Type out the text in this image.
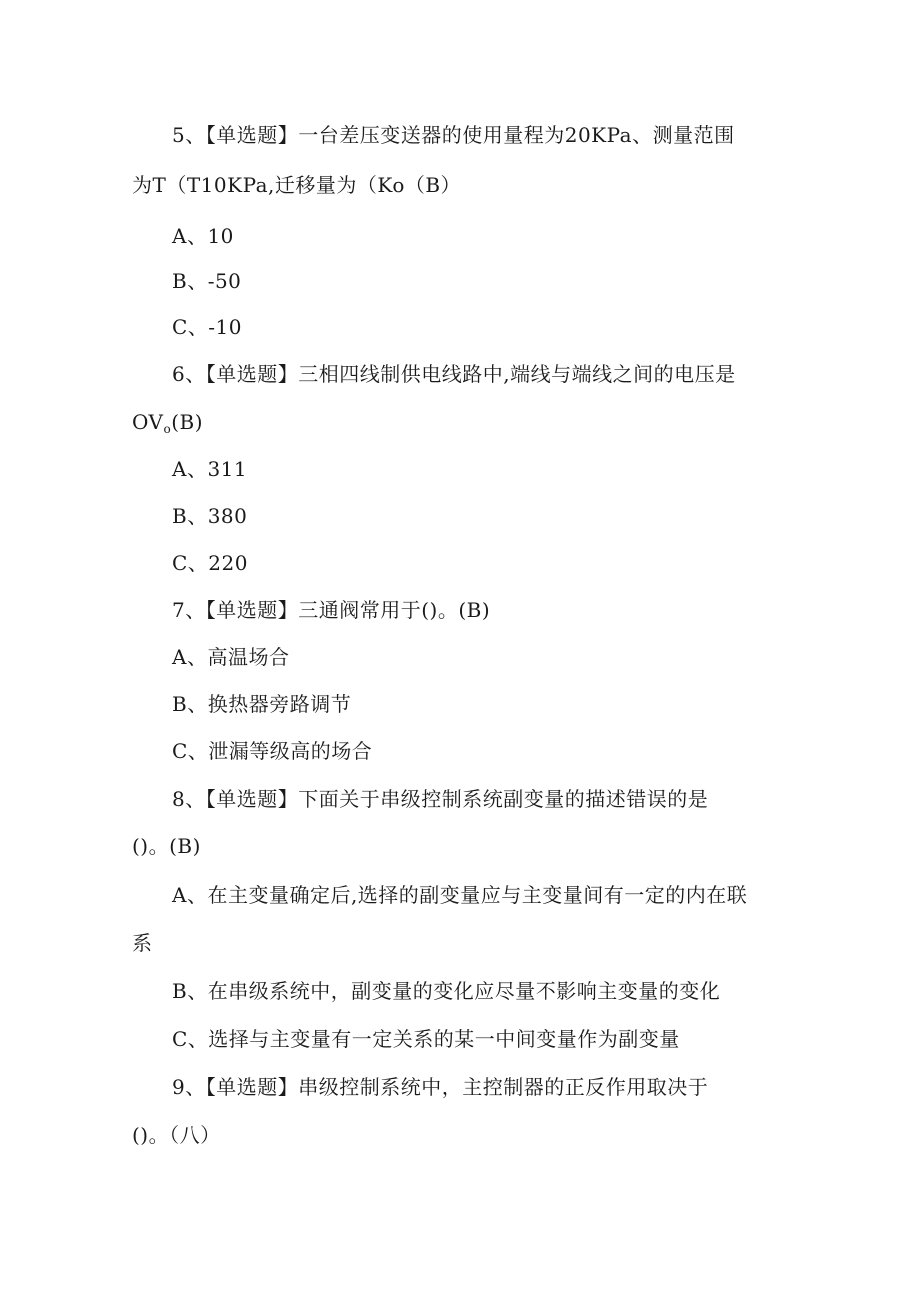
5、【单选题】一台差压变送器的使用量程为20KPa、测量范围
为T（T10KPa,迁移量为（Ko（B）
A、10
B、-50
C、-10
6、【单选题】三相四线制供电线路中,端线与端线之间的电压是
$OV_o(B)$
A、311
B、380
C、220
7、【单选题】三通阀常用于()。(B)
A、高温场合
B、换热器旁路调节
C、泄漏等级高的场合
8、【单选题】下面关于串级控制系统副变量的描述错误的是
()。(B)
A、在主变量确定后,选择的副变量应与主变量间有一定的内在联
系
B、在串级系统中，副变量的变化应尽量不影响主变量的变化
C、选择与主变量有一定关系的某一中间变量作为副变量
9、【单选题】串级控制系统中，主控制器的正反作用取决于
()。（八）
